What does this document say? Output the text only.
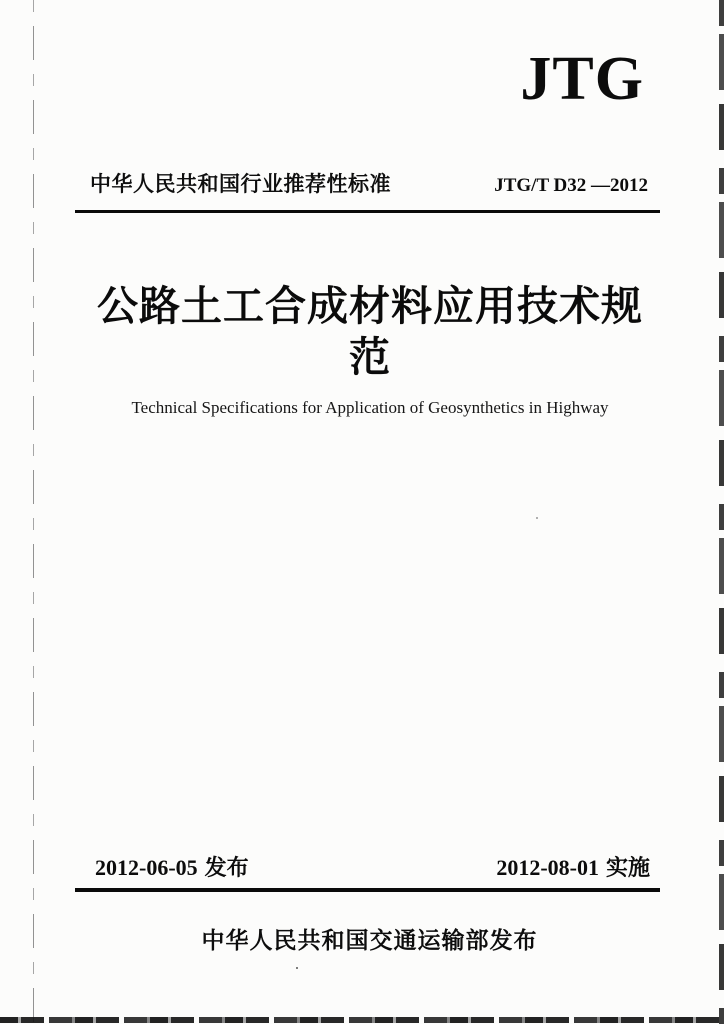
JTG
中华人民共和国行业推荐性标准	JTG/T D32 —2012
公路土工合成材料应用技术规范
Technical Specifications for Application of Geosynthetics in Highway
2012-06-05 发布	2012-08-01 实施
中华人民共和国交通运输部发布
